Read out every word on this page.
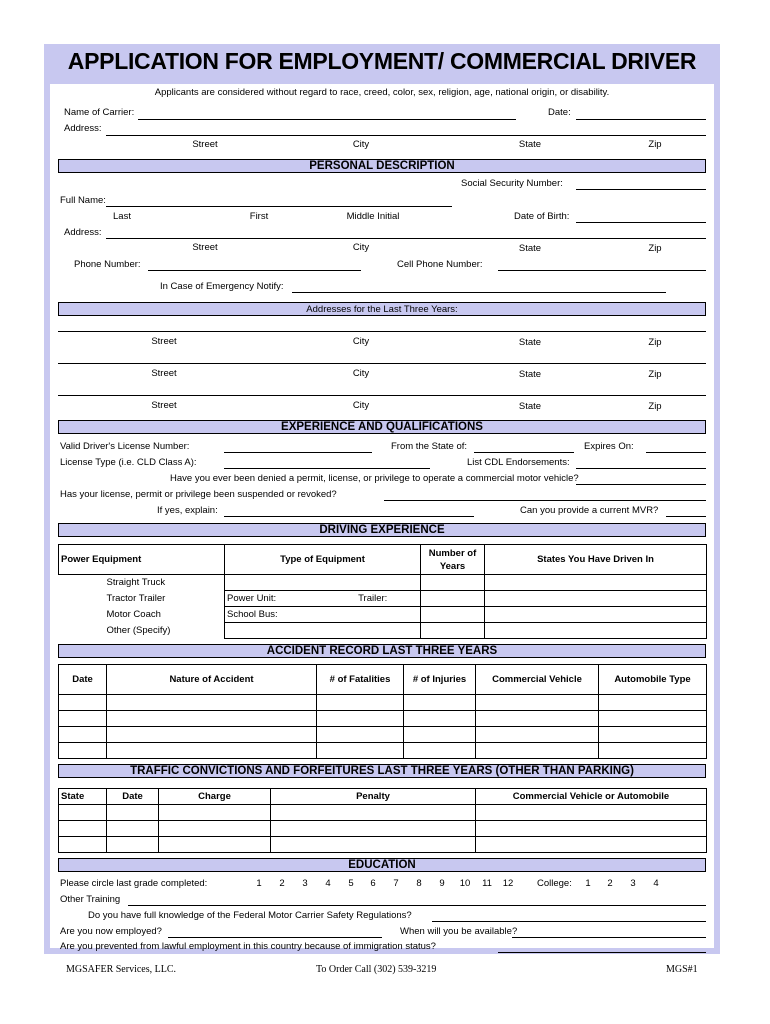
APPLICATION FOR EMPLOYMENT/ COMMERCIAL DRIVER
Applicants are considered without regard to race, creed, color, sex, religion, age, national origin, or disability.
Name of Carrier:	Date:
Address:
Street	City	State	Zip
PERSONAL DESCRIPTION
Social Security Number:
Full Name:
Last	First	Middle Initial	Date of Birth:
Address:
Street	City	State	Zip
Phone Number:	Cell Phone Number:
In Case of Emergency Notify:
Addresses for the Last Three Years:
Street	City	State	Zip
Street	City	State	Zip
Street	City	State	Zip
EXPERIENCE AND QUALIFICATIONS
Valid Driver's License Number:	From the State of:	Expires On:
License Type (i.e. CLD Class A):	List CDL Endorsements:
Have you ever been denied a permit, license, or privilege to operate a commercial motor vehicle?
Has your license, permit or privilege been suspended or revoked?
If yes, explain:	Can you provide a current MVR?
DRIVING EXPERIENCE
Power Equipment	Type of Equipment	Number of Years	States You Have Driven In
Straight Truck			
Tractor Trailer	Power Unit: Trailer:		
Motor Coach	School Bus:		
Other (Specify)			
ACCIDENT RECORD LAST THREE YEARS
Date	Nature of Accident	# of Fatalities	# of Injuries	Commercial Vehicle	Automobile Type

TRAFFIC CONVICTIONS AND FORFEITURES LAST THREE YEARS (OTHER THAN PARKING)
State	Date	Charge	Penalty	Commercial Vehicle or Automobile

EDUCATION
Please circle last grade completed:	1 2 3 4 5 6 7 8 9 10 11 12 College: 1 2 3 4
Other Training
Do you have full knowledge of the Federal Motor Carrier Safety Regulations?
Are you now employed?	When will you be available?
Are you prevented from lawful employment in this country because of immigration status?
MGSAFER Services, LLC.	To Order Call (302) 539-3219	MGS#1
